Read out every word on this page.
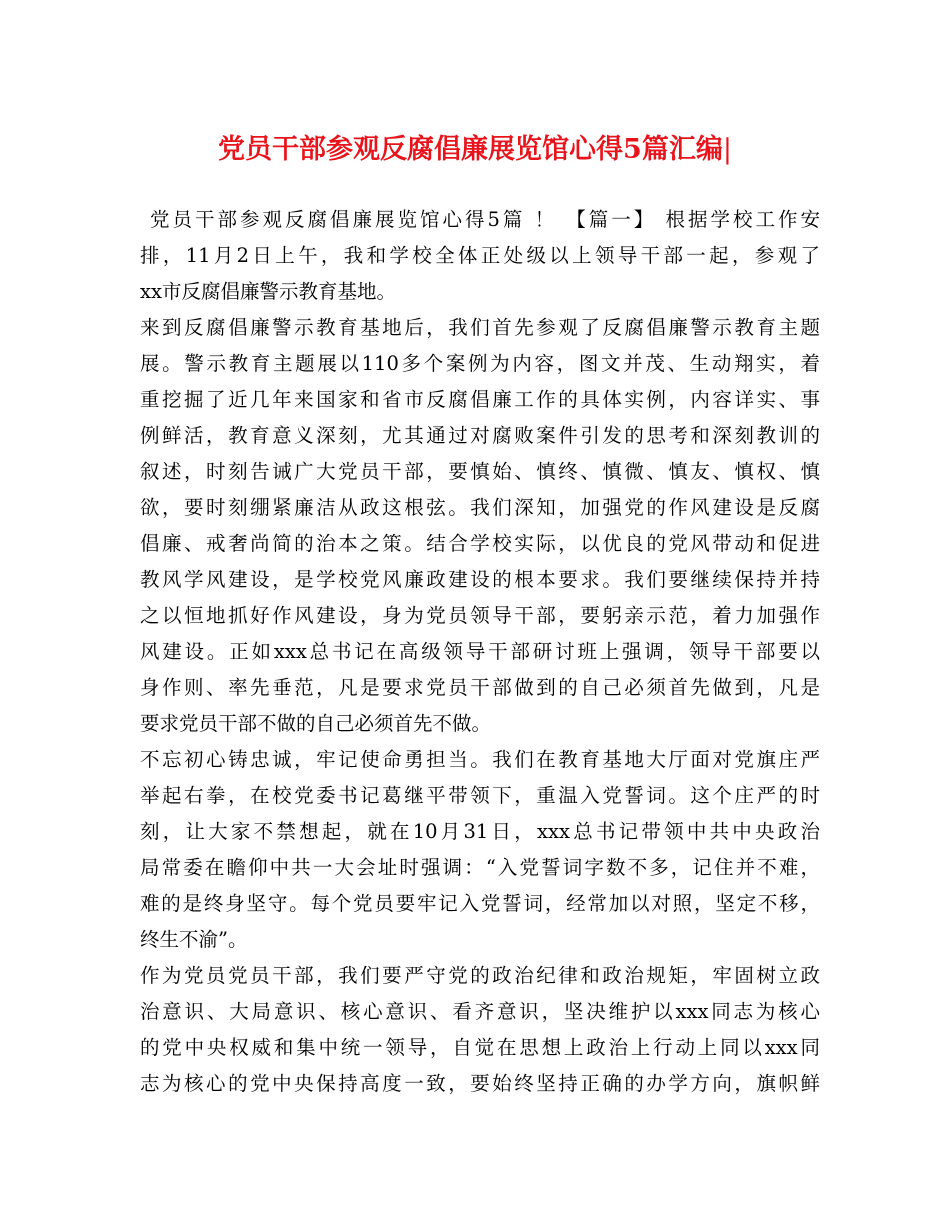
党员干部参观反腐倡廉展览馆心得5篇汇编|
党员干部参观反腐倡廉展览馆心得5篇 ！ 【篇一】 根据学校工作安
排，11月2日上午，我和学校全体正处级以上领导干部一起，参观了
xx市反腐倡廉警示教育基地。
来到反腐倡廉警示教育基地后，我们首先参观了反腐倡廉警示教育主题
展。警示教育主题展以110多个案例为内容，图文并茂、生动翔实，着
重挖掘了近几年来国家和省市反腐倡廉工作的具体实例，内容详实、事
例鲜活，教育意义深刻，尤其通过对腐败案件引发的思考和深刻教训的
叙述，时刻告诫广大党员干部，要慎始、慎终、慎微、慎友、慎权、慎
欲，要时刻绷紧廉洁从政这根弦。我们深知，加强党的作风建设是反腐
倡廉、戒奢尚简的治本之策。结合学校实际，以优良的党风带动和促进
教风学风建设，是学校党风廉政建设的根本要求。我们要继续保持并持
之以恒地抓好作风建设，身为党员领导干部，要躬亲示范，着力加强作
风建设。正如xxx总书记在高级领导干部研讨班上强调，领导干部要以
身作则、率先垂范，凡是要求党员干部做到的自己必须首先做到，凡是
要求党员干部不做的自己必须首先不做。
不忘初心铸忠诚，牢记使命勇担当。我们在教育基地大厅面对党旗庄严
举起右拳，在校党委书记葛继平带领下，重温入党誓词。这个庄严的时
刻，让大家不禁想起，就在10月31日，xxx总书记带领中共中央政治
局常委在瞻仰中共一大会址时强调：“入党誓词字数不多，记住并不难，
难的是终身坚守。每个党员要牢记入党誓词，经常加以对照，坚定不移，
终生不渝”。
作为党员党员干部，我们要严守党的政治纪律和政治规矩，牢固树立政
治意识、大局意识、核心意识、看齐意识，坚决维护以xxx同志为核心
的党中央权威和集中统一领导，自觉在思想上政治上行动上同以xxx同
志为核心的党中央保持高度一致，要始终坚持正确的办学方向，旗帜鲜
